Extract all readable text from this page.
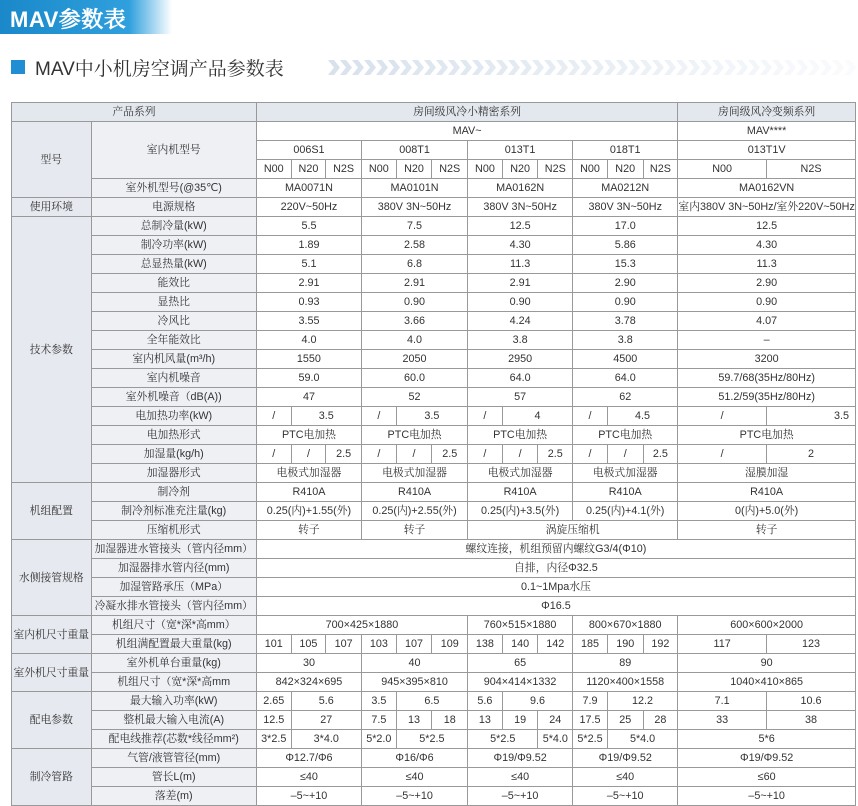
MAV参数表
MAV中小机房空调产品参数表
产品系列		房间级风冷小精密系列												房间级风冷变频系列	
型号	室内机型号	MAV~												MAV****	
		006S1			008T1			013T1			018T1			013T1V	
		N00	N20	N2S	N00	N20	N2S	N00	N20	N2S	N00	N20	N2S	N00	N2S
	室外机型号(@35℃)	MA0071N			MA0101N			MA0162N			MA0212N			MA0162VN	
使用环境	电源规格	220V~50Hz			380V 3N~50Hz			380V 3N~50Hz			380V 3N~50Hz			室内380V 3N~50Hz/室外220V~50Hz	
技术参数	总制冷量(kW)	5.5			7.5			12.5			17.0			12.5	
	制冷功率(kW)	1.89			2.58			4.30			5.86			4.30	
	总显热量(kW)	5.1			6.8			11.3			15.3			11.3	
	能效比	2.91			2.91			2.91			2.90			2.90	
	显热比	0.93			0.90			0.90			0.90			0.90	
	冷风比	3.55			3.66			4.24			3.78			4.07	
	全年能效比	4.0			4.0			3.8			3.8			–	
	室内机风量(m³/h)	1550			2050			2950			4500			3200	
	室内机噪音	59.0			60.0			64.0			64.0			59.7/68(35Hz/80Hz)	
	室外机噪音（dB(A))	47			52			57			62			51.2/59(35Hz/80Hz)	
	电加热功率(kW)	/	3.5		/	3.5		/	4		/	4.5		/	3.5
	电加热形式	PTC电加热			PTC电加热			PTC电加热			PTC电加热			PTC电加热	
	加湿量(kg/h)	/	/	2.5	/	/	2.5	/	/	2.5	/	/	2.5	/	2
	加湿器形式	电极式加湿器			电极式加湿器			电极式加湿器			电极式加湿器			湿膜加湿	
机组配置	制冷剂	R410A			R410A			R410A			R410A			R410A	
	制冷剂标准充注量(kg)	0.25(内)+1.55(外)			0.25(内)+2.55(外)			0.25(内)+3.5(外)			0.25(内)+4.1(外)			0(内)+5.0(外)	
	压缩机形式	转子			转子			涡旋压缩机						转子	
水侧接管规格	加湿器进水管接头（管内径mm）	螺纹连接，机组预留内螺纹G3/4(Φ10)													
	加湿器排水管内径(mm)	自排，内径Φ32.5													
	加湿管路承压（MPa）	0.1~1Mpa水压													
	冷凝水排水管接头（管内径mm）	Φ16.5													
室内机尺寸重量	机组尺寸（宽*深*高mm）	700×425×1880						760×515×1880			800×670×1880			600×600×2000	
	机组满配置最大重量(kg)	101	105	107	103	107	109	138	140	142	185	190	192	117	123
室外机尺寸重量	室外机单台重量(kg)	30			40			65			89			90	
	机组尺寸（宽*深*高mm	842×324×695			945×395×810			904×414×1332			1120×400×1558			1040×410×865	
配电参数	最大输入功率(kW)	2.65	5.6		3.5	6.5		5.6	9.6		7.9	12.2		7.1	10.6
	整机最大输入电流(A)	12.5	27		7.5	13	18	13	19	24	17.5	25	28	33	38
	配电线推荐(芯数*线径mm²)	3*2.5	3*4.0		5*2.0	5*2.5		5*2.5		5*4.0	5*2.5	5*4.0		5*6	
制冷管路	气管/液管管径(mm)	Φ12.7/Φ6			Φ16/Φ6			Φ19/Φ9.52			Φ19/Φ9.52			Φ19/Φ9.52	
	管长L(m)	≤40			≤40			≤40			≤40			≤60	
	落差(m)	–5~+10			–5~+10			–5~+10			–5~+10			–5~+10	
